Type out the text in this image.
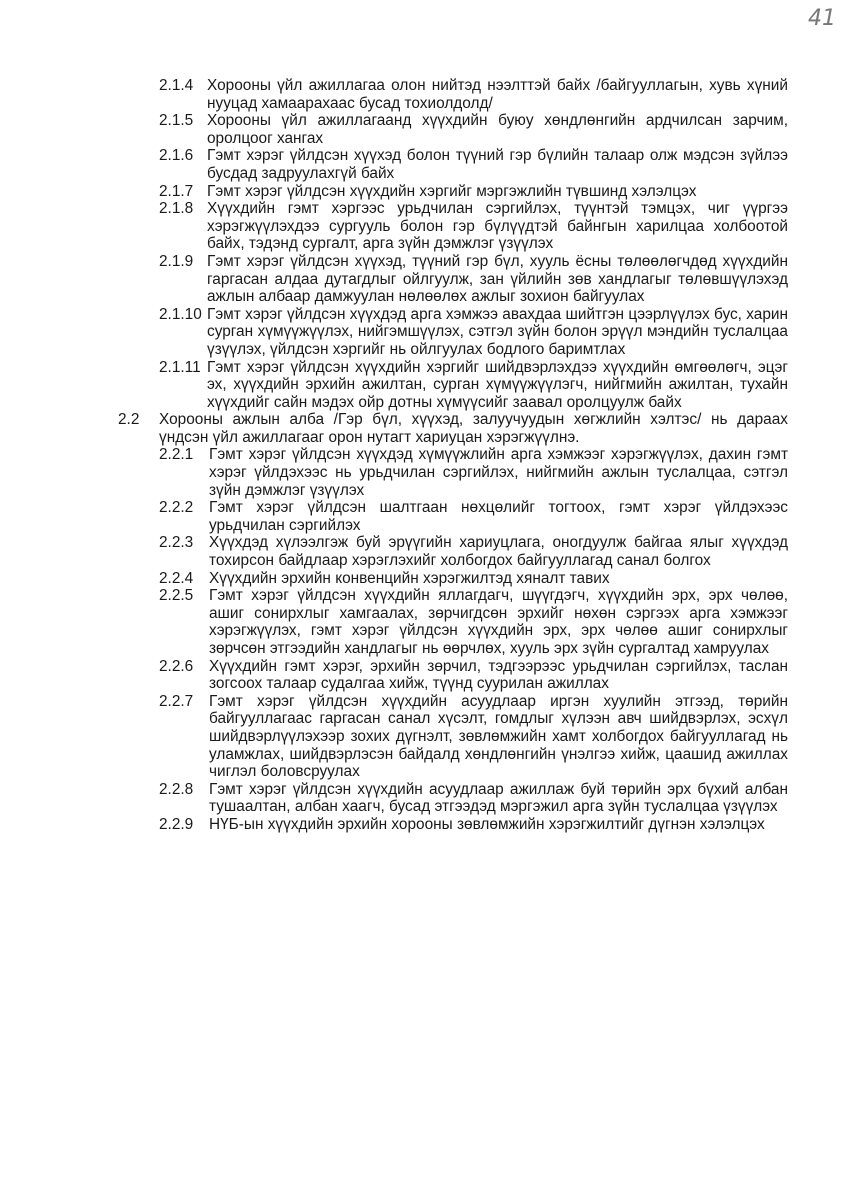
41
2.1.4 Хорооны үйл ажиллагаа олон нийтэд нээлттэй байх /байгууллагын, хувь хүний нууцад хамаарахаас бусад тохиолдолд/
2.1.5 Хорооны үйл ажиллагаанд хүүхдийн буюу хөндлөнгийн ардчилсан зарчим, оролцоог хангах
2.1.6 Гэмт хэрэг үйлдсэн хүүхэд болон түүний гэр бүлийн талаар олж мэдсэн зүйлээ бусдад задруулахгүй байх
2.1.7 Гэмт хэрэг үйлдсэн хүүхдийн хэргийг мэргэжлийн түвшинд хэлэлцэх
2.1.8 Хүүхдийн гэмт хэргээс урьдчилан сэргийлэх, түүнтэй тэмцэх, чиг үүргээ хэрэгжүүлэхдээ сургууль болон гэр бүлүүдтэй байнгын харилцаа холбоотой байх, тэдэнд сургалт, арга зүйн дэмжлэг үзүүлэх
2.1.9 Гэмт хэрэг үйлдсэн хүүхэд, түүний гэр бүл, хууль ёсны төлөөлөгчдөд хүүхдийн гаргасан алдаа дутагдлыг ойлгуулж, зан үйлийн зөв хандлагыг төлөвшүүлэхэд ажлын албаар дамжуулан нөлөөлөх ажлыг зохион байгуулах
2.1.10 Гэмт хэрэг үйлдсэн хүүхдэд арга хэмжээ авахдаа шийтгэн цээрлүүлэх бус, харин сурган хүмүүжүүлэх, нийгэмшүүлэх, сэтгэл зүйн болон эрүүл мэндийн туслалцаа үзүүлэх, үйлдсэн хэргийг нь ойлгуулах бодлого баримтлах
2.1.11 Гэмт хэрэг үйлдсэн хүүхдийн хэргийг шийдвэрлэхдээ хүүхдийн өмгөөлөгч, эцэг эх, хүүхдийн эрхийн ажилтан, сурган хүмүүжүүлэгч, нийгмийн ажилтан, тухайн хүүхдийг сайн мэдэх ойр дотны хүмүүсийг заавал оролцуулж байх
2.2	Хорооны ажлын алба /Гэр бүл, хүүхэд, залуучуудын хөгжлийн хэлтэс/ нь дараах үндсэн үйл ажиллагааг орон нутагт хариуцан хэрэгжүүлнэ.
2.2.1	Гэмт хэрэг үйлдсэн хүүхдэд хүмүүжлийн арга хэмжээг хэрэгжүүлэх, дахин гэмт хэрэг үйлдэхээс нь урьдчилан сэргийлэх, нийгмийн ажлын туслалцаа, сэтгэл зүйн дэмжлэг үзүүлэх
2.2.2	Гэмт хэрэг үйлдсэн шалтгаан нөхцөлийг тогтоох, гэмт хэрэг үйлдэхээс урьдчилан сэргийлэх
2.2.3	Хүүхдэд хүлээлгэж буй эрүүгийн хариуцлага, оногдуулж байгаа ялыг хүүхдэд тохирсон байдлаар хэрэглэхийг холбогдох байгууллагад санал болгох
2.2.4	Хүүхдийн эрхийн конвенцийн хэрэгжилтэд хяналт тавих
2.2.5	Гэмт хэрэг үйлдсэн хүүхдийн яллагдагч, шүүгдэгч, хүүхдийн эрх, эрх чөлөө, ашиг сонирхлыг хамгаалах, зөрчигдсөн эрхийг нөхөн сэргээх арга хэмжээг хэрэгжүүлэх, гэмт хэрэг үйлдсэн хүүхдийн эрх, эрх чөлөө ашиг сонирхлыг зөрчсөн этгээдийн хандлагыг нь өөрчлөх, хууль эрх зүйн сургалтад хамруулах
2.2.6	Хүүхдийн гэмт хэрэг, эрхийн зөрчил, тэдгээрээс урьдчилан сэргийлэх, таслан зогсоох талаар судалгаа хийж, түүнд суурилан ажиллах
2.2.7	Гэмт хэрэг үйлдсэн хүүхдийн асуудлаар иргэн хуулийн этгээд, төрийн байгууллагаас гаргасан санал хүсэлт, гомдлыг хүлээн авч шийдвэрлэх, эсхүл шийдвэрлүүлэхээр зохих дүгнэлт, зөвлөмжийн хамт холбогдох байгууллагад нь уламжлах, шийдвэрлэсэн байдалд хөндлөнгийн үнэлгээ хийж, цаашид ажиллах чиглэл боловсруулах
2.2.8	Гэмт хэрэг үйлдсэн хүүхдийн асуудлаар ажиллаж буй төрийн эрх бүхий албан тушаалтан, албан хаагч, бусад этгээдэд мэргэжил арга зүйн туслалцаа үзүүлэх
2.2.9	НҮБ-ын хүүхдийн эрхийн хорооны зөвлөмжийн хэрэгжилтийг дүгнэн хэлэлцэх
